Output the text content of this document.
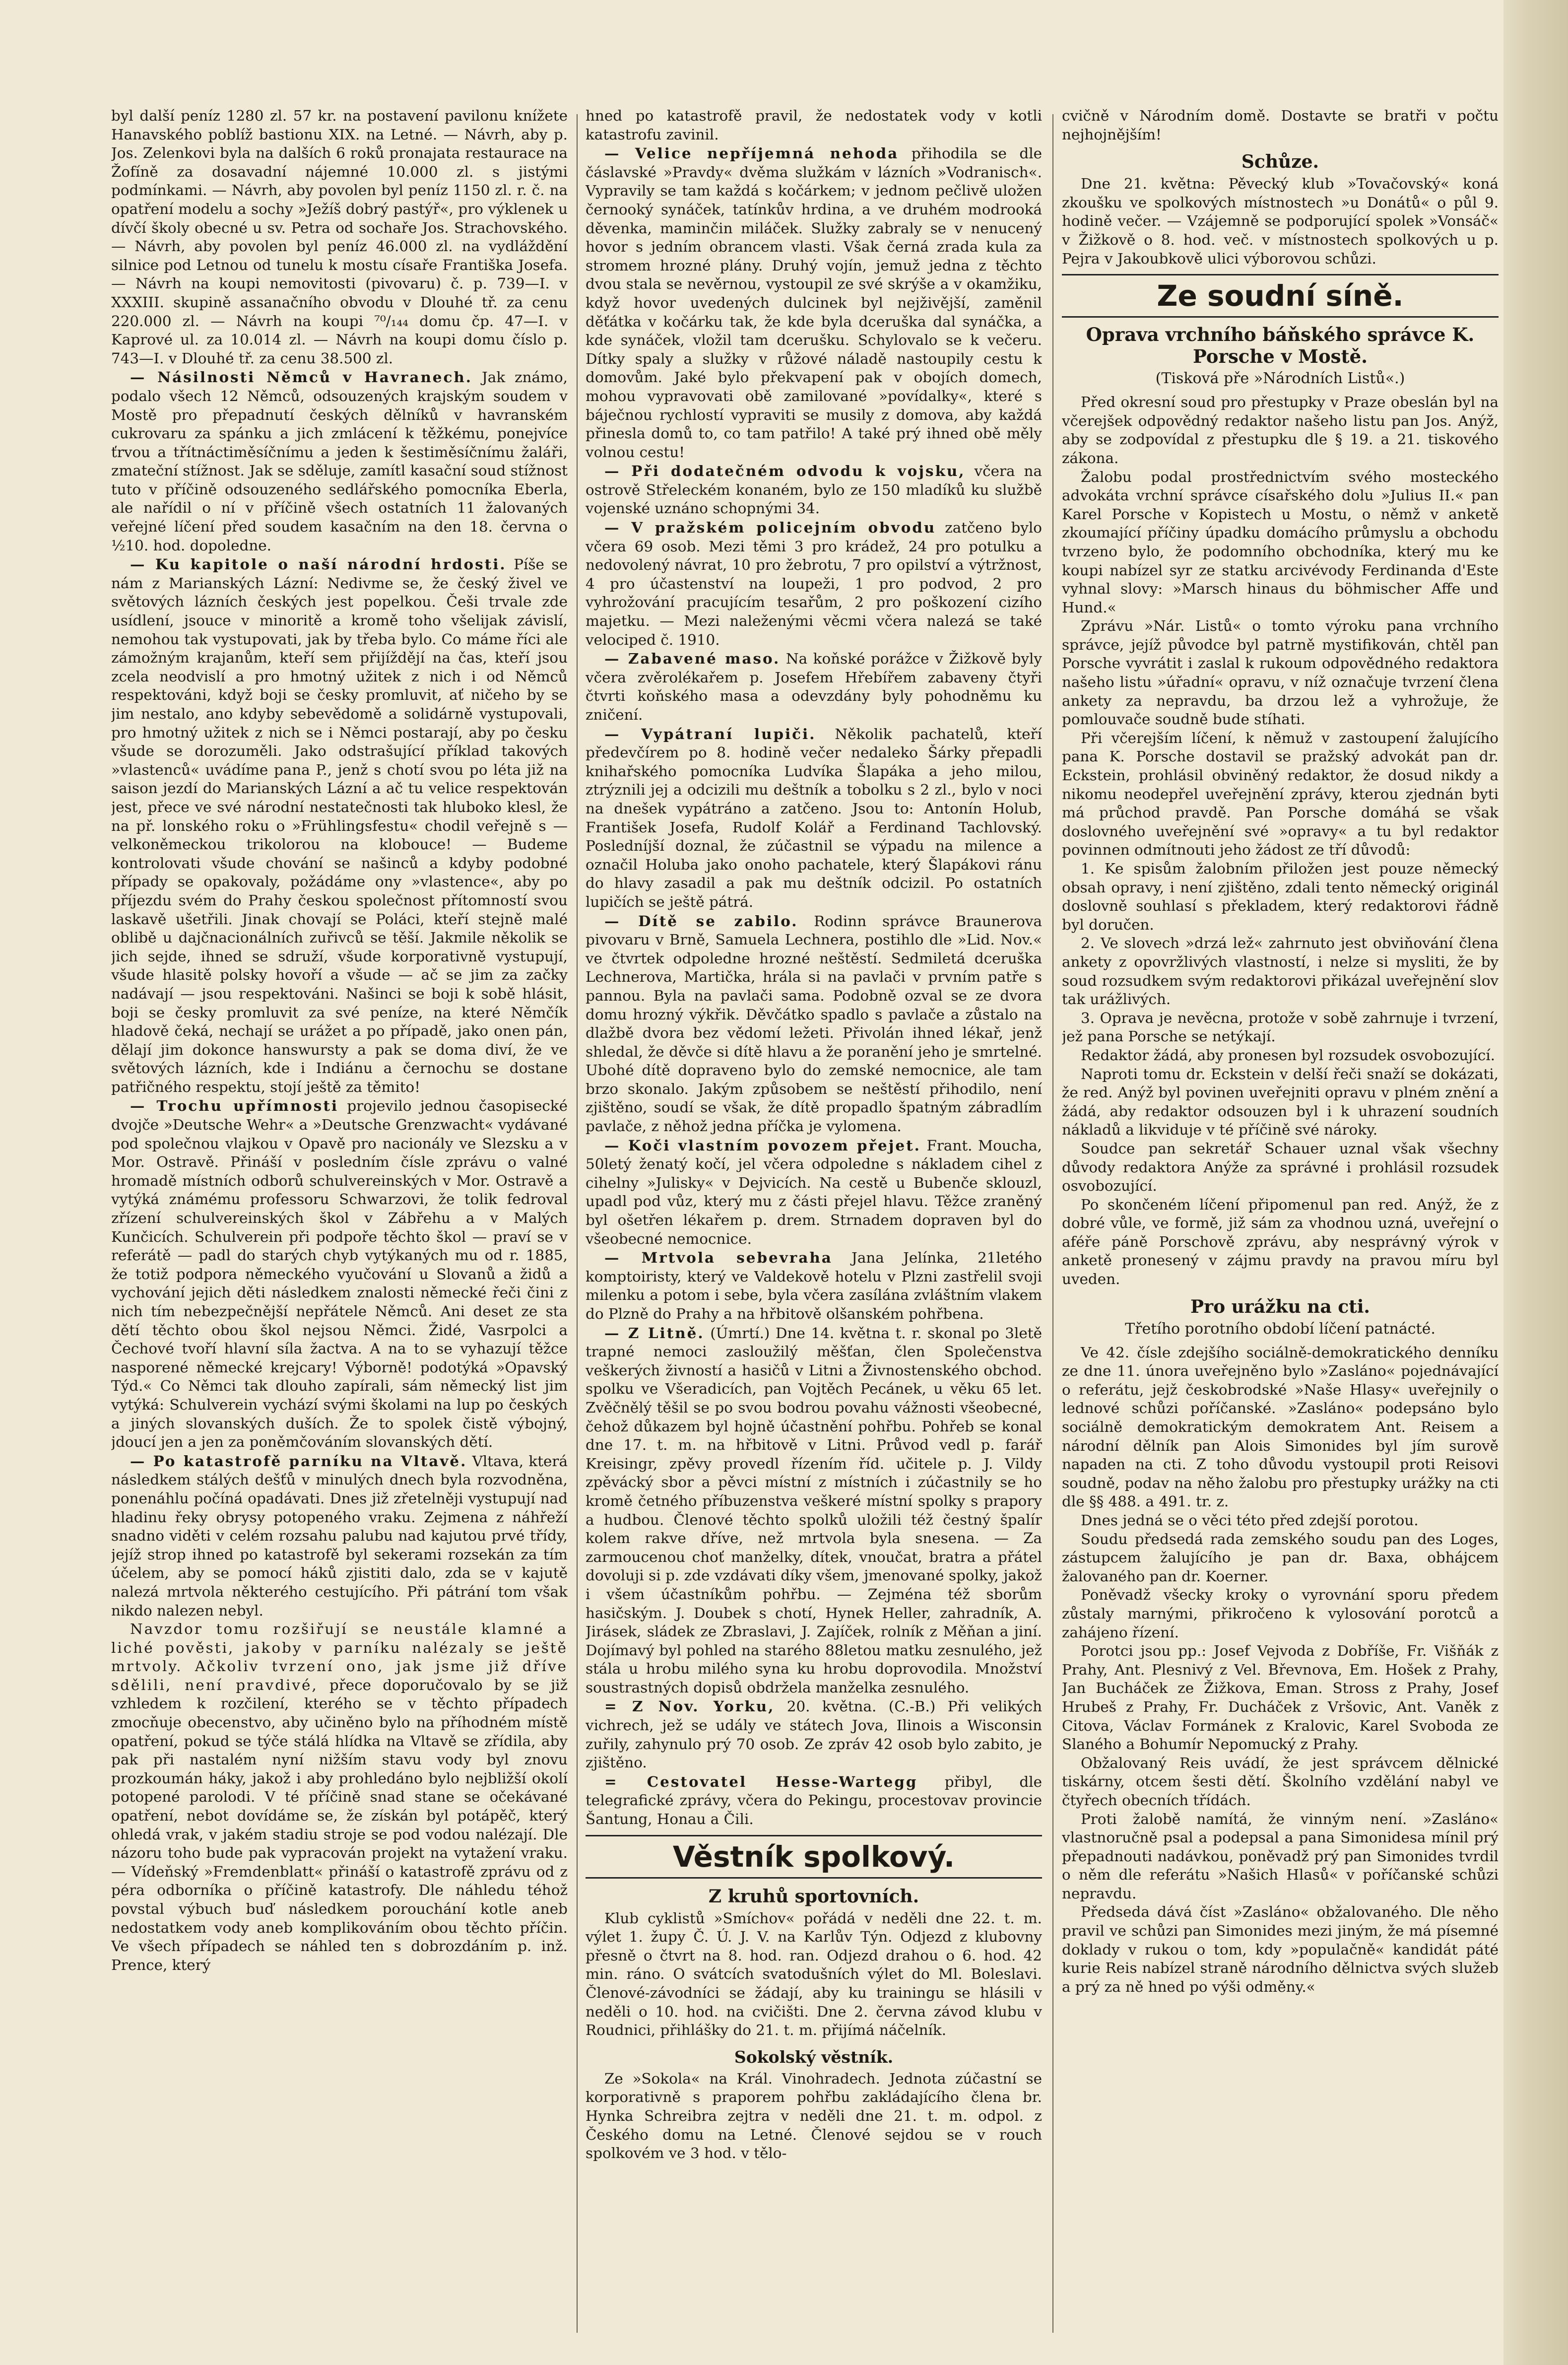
byl další peníz 1280 zl. 57 kr. na postavení pavilonu knížete Hanavského poblíž bastionu XIX. na Letné. — Návrh, aby p. Jos. Zelenkovi byla na dalších 6 roků pronajata restaurace na Žofíně za dosavadní nájemné 10.000 zl. s jistými podmínkami. — Návrh, aby povolen byl peníz 1150 zl. r. č. na opatření modelu a sochy »Ježíš dobrý pastýř«, pro výklenek u dívčí školy obecné u sv. Petra od sochaře Jos. Strachovského. — Návrh, aby povolen byl peníz 46.000 zl. na vydláždění silnice pod Letnou od tunelu k mostu císaře Františka Josefa. — Návrh na koupi nemovitosti (pivovaru) č. p. 739—I. v XXXIII. skupině assanačního obvodu v Dlouhé tř. za cenu 220.000 zl. — Návrh na koupi ⁷⁰/₁₄₄ domu čp. 47—I. v Kaprové ul. za 10.014 zl. — Návrh na koupi domu číslo p. 743—I. v Dlouhé tř. za cenu 38.500 zl.

— Násilnosti Němců v Havranech. Jak známo, podalo všech 12 Němců, odsouzených krajským soudem v Mostě pro přepadnutí českých dělníků v havranském cukrovaru za spánku a jich zmlácení k těžkému, ponejvíce ťrvou a třítnáctiměsíčnímu a jeden k šestiměsíčnímu žaláři, zmateční stížnost. Jak se sděluje, zamítl kasační soud stížnost tuto v příčině odsouzeného sedlářského pomocníka Eberla, ale nařídil o ní v příčině všech ostatních 11 žalovaných veřejné líčení před soudem kasačním na den 18. června o ½10. hod. dopoledne.

— Ku kapitole o naší národní hrdosti. Píše se nám z Marianských Lázní: Nedivme se, že český živel ve světových lázních českých jest popelkou. Češi trvale zde usídlení, jsouce v minoritě a kromě toho všelijak závislí, nemohou tak vystupovati, jak by třeba bylo. Co máme říci ale zámožným krajanům, kteří sem přijíždějí na čas, kteří jsou zcela neodvislí a pro hmotný užitek z nich i od Němců respektováni, když boji se česky promluvit, ať ničeho by se jim nestalo, ano kdyby sebevědomě a solidárně vystupovali, pro hmotný užitek z nich se i Němci postarají, aby po česku všude se dorozuměli. Jako odstrašující příklad takových »vlastenců« uvádíme pana P., jenž s chotí svou po léta již na saison jezdí do Marianských Lázní a ač tu velice respektován jest, přece ve své národní nestatečnosti tak hluboko klesl, že na př. lonského roku o »Frühlingsfestu« chodil veřejně s — velkoněmeckou trikolorou na klobouce! — Budeme kontrolovati všude chování se našinců a kdyby podobné případy se opakovaly, požádáme ony »vlastence«, aby po příjezdu svém do Prahy českou společnost přítomností svou laskavě ušetřili. Jinak chovají se Poláci, kteří stejně malé oblibě u dajčnacionálních zuřivců se těší. Jakmile několik se jich sejde, ihned se sdruží, všude korporativně vystupují, všude hlasitě polsky hovoří a všude — ač se jim za začky nadávají — jsou respektováni. Našinci se boji k sobě hlásit, boji se česky promluvit za své peníze, na které Němčík hladově čeká, nechají se urážet a po případě, jako onen pán, dělají jim dokonce hanswursty a pak se doma diví, že ve světových lázních, kde i Indiánu a černochu se dostane patřičného respektu, stojí ještě za těmito!

— Trochu upřímnosti projevilo jednou časopisecké dvojče »Deutsche Wehr« a »Deutsche Grenzwacht« vydávané pod společnou vlajkou v Opavě pro nacionály ve Slezsku a v Mor. Ostravě. Přináší v posledním čísle zprávu o valné hromadě místních odborů schulvereinských v Mor. Ostravě a vytýká známému professoru Schwarzovi, že tolik fedroval zřízení schulvereinských škol v Zábřehu a v Malých Kunčicích. Schulverein při podpoře těchto škol — praví se v referátě — padl do starých chyb vytýkaných mu od r. 1885, že totiž podpora německého vyučování u Slovanů a židů a vychování jejich děti následkem znalosti německé řeči čini z nich tím nebezpečnější nepřátele Němců. Ani deset ze sta dětí těchto obou škol nejsou Němci. Židé, Vasrpolci a Čechové tvoří hlavní síla žactva. A na to se vyhazují těžce nasporené německé krejcary! Výborně! podotýká »Opavský Týd.« Co Němci tak dlouho zapírali, sám německý list jim vytýká: Schulverein vychází svými školami na lup po českých a jiných slovanských duších. Že to spolek čistě výbojný, jdoucí jen a jen za poněmčováním slovanských dětí.

— Po katastrofě parníku na Vltavě. Vltava, která následkem stálých dešťů v minulých dnech byla rozvodněna, ponenáhlu počíná opadávati. Dnes již zřetelněji vystupují nad hladinu řeky obrysy potopeného vraku. Zejmena z náhřeží snadno viděti v celém rozsahu palubu nad kajutou prvé třídy, jejíž strop ihned po katastrofě byl sekerami rozsekán za tím účelem, aby se pomocí háků zjistiti dalo, zda se v kajutě nalezá mrtvola některého cestujícího. Při pátrání tom však nikdo nalezen nebyl.

Navzdor tomu rozšiřují se neustále klamné a liché pověsti, jakoby v parníku nalézaly se ještě mrtvoly. Ačkoliv tvrzení ono, jak jsme již dříve sdělili, není pravdivé, přece doporučovalo by se již vzhledem k rozčilení, kterého se v těchto případech zmocňuje obecenstvo, aby učiněno bylo na příhodném místě opatření, pokud se týče stálá hlídka na Vltavě se zřídila, aby pak při nastalém nyní nižším stavu vody byl znovu prozkoumán háky, jakož i aby prohledáno bylo nejbližší okolí potopené parolodi. V té příčině snad stane se očekávané opatření, nebot dovídáme se, že získán byl potápěč, který ohledá vrak, v jakém stadiu stroje se pod vodou nalézají. Dle názoru toho bude pak vypracován projekt na vytažení vraku. — Vídeňský »Fremdenblatt« přináší o katastrofě zprávu od z péra odborníka o příčině katastrofy. Dle náhledu téhož povstal výbuch buď následkem porouchání kotle aneb nedostatkem vody aneb komplikováním obou těchto příčin. Ve všech případech se náhled ten s dobrozdáním p. inž. Prence, který

hned po katastrofě pravil, že nedostatek vody v kotli katastrofu zavinil.

— Velice nepříjemná nehoda přihodila se dle čáslavské »Pravdy« dvěma služkám v lázních »Vodranisch«. Vypravily se tam každá s kočárkem; v jednom pečlivě uložen černooký synáček, tatínkův hrdina, a ve druhém modrooká děvenka, maminčin miláček. Služky zabraly se v nenucený hovor s jedním obrancem vlasti. Však černá zrada kula za stromem hrozné plány. Druhý vojín, jemuž jedna z těchto dvou stala se nevěrnou, vystoupil ze své skrýše a v okamžiku, když hovor uvedených dulcinek byl nejživější, zaměnil děťátka v kočárku tak, že kde byla dceruška dal synáčka, a kde synáček, vložil tam dcerušku. Schylovalo se k večeru. Dítky spaly a služky v růžové náladě nastoupily cestu k domovům. Jaké bylo překvapení pak v obojích domech, mohou vypravovati obě zamilované »povídalky«, které s báječnou rychlostí vypraviti se musily z domova, aby každá přinesla domů to, co tam patřilo! A také prý ihned obě měly volnou cestu!

— Při dodatečném odvodu k vojsku, včera na ostrově Střeleckém konaném, bylo ze 150 mladíků ku službě vojenské uznáno schopnými 34.

— V pražském policejním obvodu zatčeno bylo včera 69 osob. Mezi těmi 3 pro krádež, 24 pro potulku a nedovolený návrat, 10 pro žebrotu, 7 pro opilství a výtržnost, 4 pro účastenství na loupeži, 1 pro podvod, 2 pro vyhrožování pracujícím tesařům, 2 pro poškození cizího majetku. — Mezi naleženými věcmi včera nalezá se také velociped č. 1910.

— Zabavené maso. Na koňské porážce v Žižkově byly včera zvěrolékařem p. Josefem Hřebířem zabaveny čtyři čtvrti koňského masa a odevzdány byly pohodněmu ku zničení.

— Vypátraní lupiči. Několik pachatelů, kteří předevčírem po 8. hodině večer nedaleko Šárky přepadli knihařského pomocníka Ludvíka Šlapáka a jeho milou, ztrýznili jej a odcizili mu deštník a tobolku s 2 zl., bylo v noci na dnešek vypátráno a zatčeno. Jsou to: Antonín Holub, František Josefa, Rudolf Kolář a Ferdinand Tachlovský. Posledníjší doznal, že zúčastnil se výpadu na milence a označil Holuba jako onoho pachatele, který Šlapákovi ránu do hlavy zasadil a pak mu deštník odcizil. Po ostatních lupičích se ještě pátrá.

— Dítě se zabilo. Rodinn správce Braunerova pivovaru v Brně, Samuela Lechnera, postihlo dle »Lid. Nov.« ve čtvrtek odpoledne hrozné neštěstí. Sedmiletá dceruška Lechnerova, Martička, hrála si na pavlači v prvním patře s pannou. Byla na pavlači sama. Podobně ozval se ze dvora domu hrozný výkřik. Děvčátko spadlo s pavlače a zůstalo na dlažbě dvora bez vědomí ležeti. Přivolán ihned lékař, jenž shledal, že děvče si dítě hlavu a že poranění jeho je smrtelné. Ubohé dítě dopraveno bylo do zemské nemocnice, ale tam brzo skonalo. Jakým způsobem se neštěstí přihodilo, není zjištěno, soudí se však, že dítě propadlo špatným zábradlím pavlače, z něhož jedna příčka je vylomena.

— Koči vlastním povozem přejet. Frant. Moucha, 50letý ženatý kočí, jel včera odpoledne s nákladem cihel z cihelny »Julisky« v Dejvicích. Na cestě u Bubenče sklouzl, upadl pod vůz, který mu z části přejel hlavu. Těžce zraněný byl ošetřen lékařem p. drem. Strnadem dopraven byl do všeobecné nemocnice.

— Mrtvola sebevraha Jana Jelínka, 21letého komptoiristy, který ve Valdekově hotelu v Plzni zastřelil svoji milenku a potom i sebe, byla včera zasílána zvláštním vlakem do Plzně do Prahy a na hřbitově olšanském pohřbena.

— Z Litně. (Úmrtí.) Dne 14. května t. r. skonal po 3letě trapné nemoci zasloužilý měšťan, člen Společenstva veškerých živností a hasičů v Litni a Živnostenského obchod. spolku ve Všeradicích, pan Vojtěch Pecánek, u věku 65 let. Zvěčnělý těšil se po svou bodrou povahu vážnosti všeobecné, čehož důkazem byl hojně účastnění pohřbu. Pohřeb se konal dne 17. t. m. na hřbitově v Litni. Průvod vedl p. farář Kreisingr, zpěvy provedl řízením říd. učitele p. J. Vildy zpěvácký sbor a pěvci místní z místních i zúčastnily se ho kromě četného příbuzenstva veškeré místní spolky s prapory a hudbou. Členové těchto spolků uložili též čestný špalír kolem rakve dříve, než mrtvola byla snesena. — Za zarmoucenou choť manželky, dítek, vnoučat, bratra a přátel dovoluji si p. zde vzdávati díky všem, jmenované spolky, jakož i všem účastníkům pohřbu. — Zejména též sborům hasičským. J. Doubek s chotí, Hynek Heller, zahradník, A. Jirásek, sládek ze Zbraslavi, J. Zajíček, rolník z Měňan a jiní. Dojímavý byl pohled na starého 88letou matku zesnulého, jež stála u hrobu milého syna ku hrobu doprovodila. Množství soustrastných dopisů obdržela manželka zesnulého.

= Z Nov. Yorku, 20. května. (C.-B.) Při velikých vichrech, jež se udály ve státech Jova, Ilinois a Wisconsin zuřily, zahynulo prý 70 osob. Ze zpráv 42 osob bylo zabito, je zjištěno.

= Cestovatel Hesse-Wartegg přibyl, dle telegrafické zprávy, včera do Pekingu, procestovav provincie Šantung, Honau a Čili.

Věstník spolkový.
Z kruhů sportovních.

Klub cyklistů »Smíchov« pořádá v neděli dne 22. t. m. výlet 1. župy Č. Ú. J. V. na Karlův Týn. Odjezd z klubovny přesně o čtvrt na 8. hod. ran. Odjezd drahou o 6. hod. 42 min. ráno. O svátcích svatodušních výlet do Ml. Boleslavi. Členové-závodníci se žádají, aby ku trainingu se hlásili v neděli o 10. hod. na cvičišti. Dne 2. června závod klubu v Roudnici, přihlášky do 21. t. m. přijímá náčelník.

Sokolský věstník.

Ze »Sokola« na Král. Vinohradech. Jednota zúčastní se korporativně s praporem pohřbu zakládajícího člena br. Hynka Schreibra zejtra v neděli dne 21. t. m. odpol. z Českého domu na Letné. Členové sejdou se v rouch spolkovém ve 3 hod. v tělo-

cvičně v Národním domě. Dostavte se bratři v počtu nejhojnějším!

Schůze.

Dne 21. května: Pěvecký klub »Tovačovský« koná zkoušku ve spolkových místnostech »u Donátů« o půl 9. hodině večer. — Vzájemně se podporující spolek »Vonsáč« v Žižkově o 8. hod. več. v místnostech spolkových u p. Pejra v Jakoubkově ulici výborovou schůzi.

Ze soudní síně.
Oprava vrchního báňského správce K. Porsche v Mostě.
(Tisková pře »Národních Listů«.)

Před okresní soud pro přestupky v Praze obeslán byl na včerejšek odpovědný redaktor našeho listu pan Jos. Anýž, aby se zodpovídal z přestupku dle § 19. a 21. tiskového zákona.

Žalobu podal prostřednictvím svého mosteckého advokáta vrchní správce císařského dolu »Julius II.« pan Karel Porsche v Kopistech u Mostu, o němž v anketě zkoumající příčiny úpadku domácího průmyslu a obchodu tvrzeno bylo, že podomního obchodníka, který mu ke koupi nabízel syr ze statku arcivévody Ferdinanda d'Este vyhnal slovy: »Marsch hinaus du böhmischer Affe und Hund.«

Zprávu »Nár. Listů« o tomto výroku pana vrchního správce, jejíž původce byl patrně mystifikován, chtěl pan Porsche vyvrátit i zaslal k rukoum odpovědného redaktora našeho listu »úřadní« opravu, v níž označuje tvrzení člena ankety za nepravdu, ba drzou lež a vyhrožuje, že pomlouvače soudně bude stíhati.

Při včerejším líčení, k němuž v zastoupení žalujícího pana K. Porsche dostavil se pražský advokát pan dr. Eckstein, prohlásil obviněný redaktor, že dosud nikdy a nikomu neodepřel uveřejnění zprávy, kterou zjednán byti má průchod pravdě. Pan Porsche domáhá se však doslovného uveřejnění své »opravy« a tu byl redaktor povinnen odmítnouti jeho žádost ze tří důvodů:

1. Ke spisům žalobním přiložen jest pouze německý obsah opravy, i není zjištěno, zdali tento německý originál doslovně souhlasí s překladem, který redaktorovi řádně byl doručen.

2. Ve slovech »drzá lež« zahrnuto jest obviňování člena ankety z opovržlivých vlastností, i nelze si mysliti, že by soud rozsudkem svým redaktorovi přikázal uveřejnění slov tak urážlivých.

3. Oprava je nevěcna, protože v sobě zahrnuje i tvrzení, jež pana Porsche se netýkají.

Redaktor žádá, aby pronesen byl rozsudek osvobozující.

Naproti tomu dr. Eckstein v delší řeči snaží se dokázati, že red. Anýž byl povinen uveřejniti opravu v plném znění a žádá, aby redaktor odsouzen byl i k uhrazení soudních nákladů a likviduje v té příčině své nároky.

Soudce pan sekretář Schauer uznal však všechny důvody redaktora Anýže za správné i prohlásil rozsudek osvobozující.

Po skončeném líčení připomenul pan red. Anýž, že z dobré vůle, ve formě, již sám za vhodnou uzná, uveřejní o aféře páně Porschově zprávu, aby nesprávný výrok v anketě pronesený v zájmu pravdy na pravou míru byl uveden.

Pro urážku na cti.
Třetího porotního období líčení patnácté.

Ve 42. čísle zdejšího sociálně-demokratického denníku ze dne 11. února uveřejněno bylo »Zasláno« pojednávající o referátu, jejž českobrodské »Naše Hlasy« uveřejnily o lednové schůzi poříčanské. »Zasláno« podepsáno bylo sociálně demokratickým demokratem Ant. Reisem a národní dělník pan Alois Simonides byl jím surově napaden na cti. Z toho důvodu vystoupil proti Reisovi soudně, podav na něho žalobu pro přestupky urážky na cti dle §§ 488. a 491. tr. z.

Dnes jedná se o věci této před zdejší porotou.

Soudu předsedá rada zemského soudu pan des Loges, zástupcem žalujícího je pan dr. Baxa, obhájcem žalovaného pan dr. Koerner.

Poněvadž všecky kroky o vyrovnání sporu předem zůstaly marnými, přikročeno k vylosování porotců a zahájeno řízení.

Porotci jsou pp.: Josef Vejvoda z Dobříše, Fr. Višňák z Prahy, Ant. Plesnivý z Vel. Břevnova, Em. Hošek z Prahy, Jan Bucháček ze Žižkova, Eman. Stross z Prahy, Josef Hrubeš z Prahy, Fr. Ducháček z Vršovic, Ant. Vaněk z Citova, Václav Formánek z Kralovic, Karel Svoboda ze Slaného a Bohumír Nepomucký z Prahy.

Obžalovaný Reis uvádí, že jest správcem dělnické tiskárny, otcem šesti dětí. Školního vzdělání nabyl ve čtyřech obecních třídách.

Proti žalobě namítá, že vinným není. »Zasláno« vlastnoručně psal a podepsal a pana Simonidesa mínil prý přepadnouti nadávkou, poněvadž prý pan Simonides tvrdil o něm dle referátu »Našich Hlasů« v poříčanské schůzi nepravdu.

Předseda dává číst »Zasláno« obžalovaného. Dle něho pravil ve schůzi pan Simonides mezi jiným, že má písemné doklady v rukou o tom, kdy »populačně« kandidát páté kurie Reis nabízel straně národního dělnictva svých služeb a prý za ně hned po výši odměny.«
